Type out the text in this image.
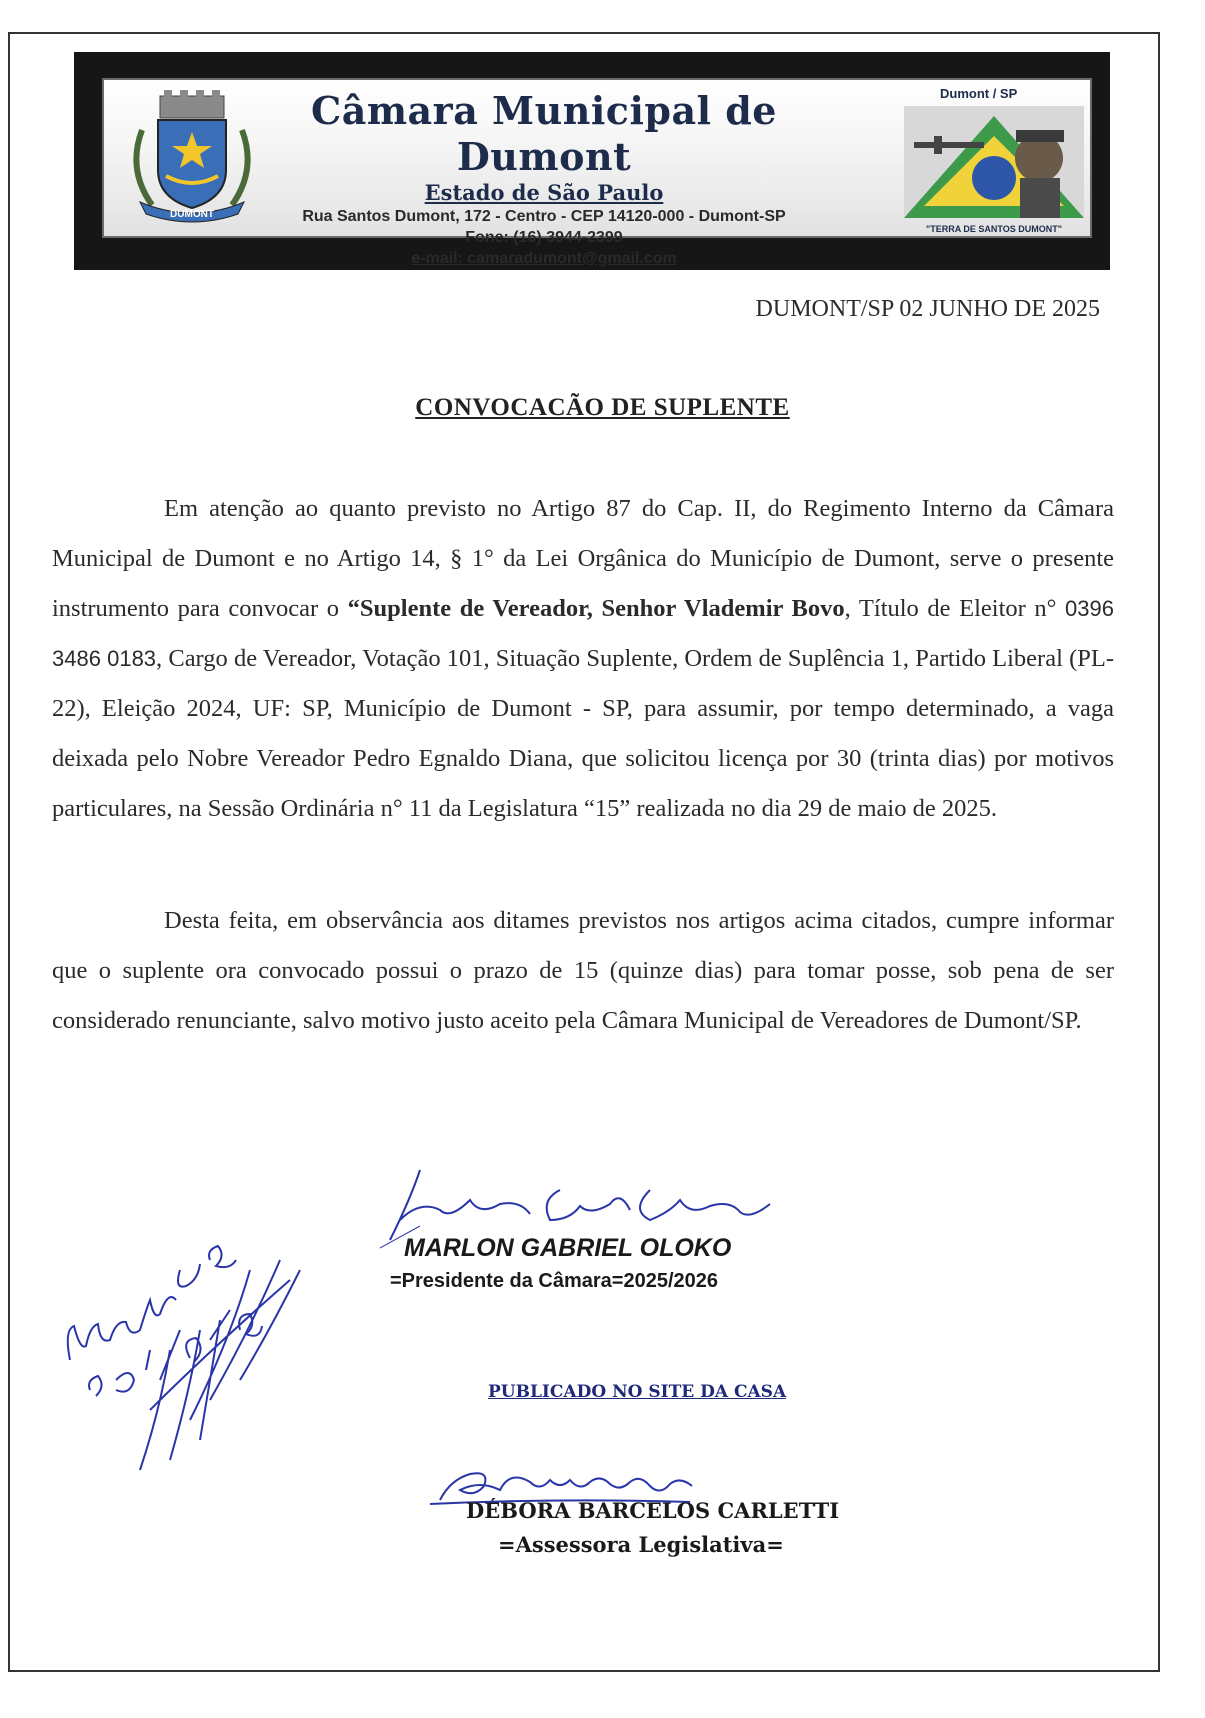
DUMONT
Câmara Municipal de Dumont
Estado de São Paulo
Rua Santos Dumont, 172 - Centro - CEP 14120-000 - Dumont-SP
Fone: (16) 3944-2399
e-mail: camaradumont@gmail.com
Dumont / SP
"TERRA DE SANTOS DUMONT"
DUMONT/SP 02 JUNHO DE 2025
CONVOCACÃO DE SUPLENTE
Em atenção ao quanto previsto no Artigo 87 do Cap. II, do Regimento Interno da Câmara Municipal de Dumont e no Artigo 14, § 1° da Lei Orgânica do Município de Dumont, serve o presente instrumento para convocar o “Suplente de Vereador, Senhor Vlademir Bovo, Título de Eleitor n° 0396 3486 0183, Cargo de Vereador, Votação 101, Situação Suplente, Ordem de Suplência 1, Partido Liberal (PL-22), Eleição 2024, UF: SP, Município de Dumont - SP, para assumir, por tempo determinado, a vaga deixada pelo Nobre Vereador Pedro Egnaldo Diana, que solicitou licença por 30 (trinta dias) por motivos particulares, na Sessão Ordinária n° 11 da Legislatura “15” realizada no dia 29 de maio de 2025.
Desta feita, em observância aos ditames previstos nos artigos acima citados, cumpre informar que o suplente ora convocado possui o prazo de 15 (quinze dias) para tomar posse, sob pena de ser considerado renunciante, salvo motivo justo aceito pela Câmara Municipal de Vereadores de Dumont/SP.
MARLON GABRIEL OLOKO
=Presidente da Câmara=2025/2026
PUBLICADO NO SITE DA CASA
DÉBORA BARCELOS CARLETTI
=Assessora Legislativa=
